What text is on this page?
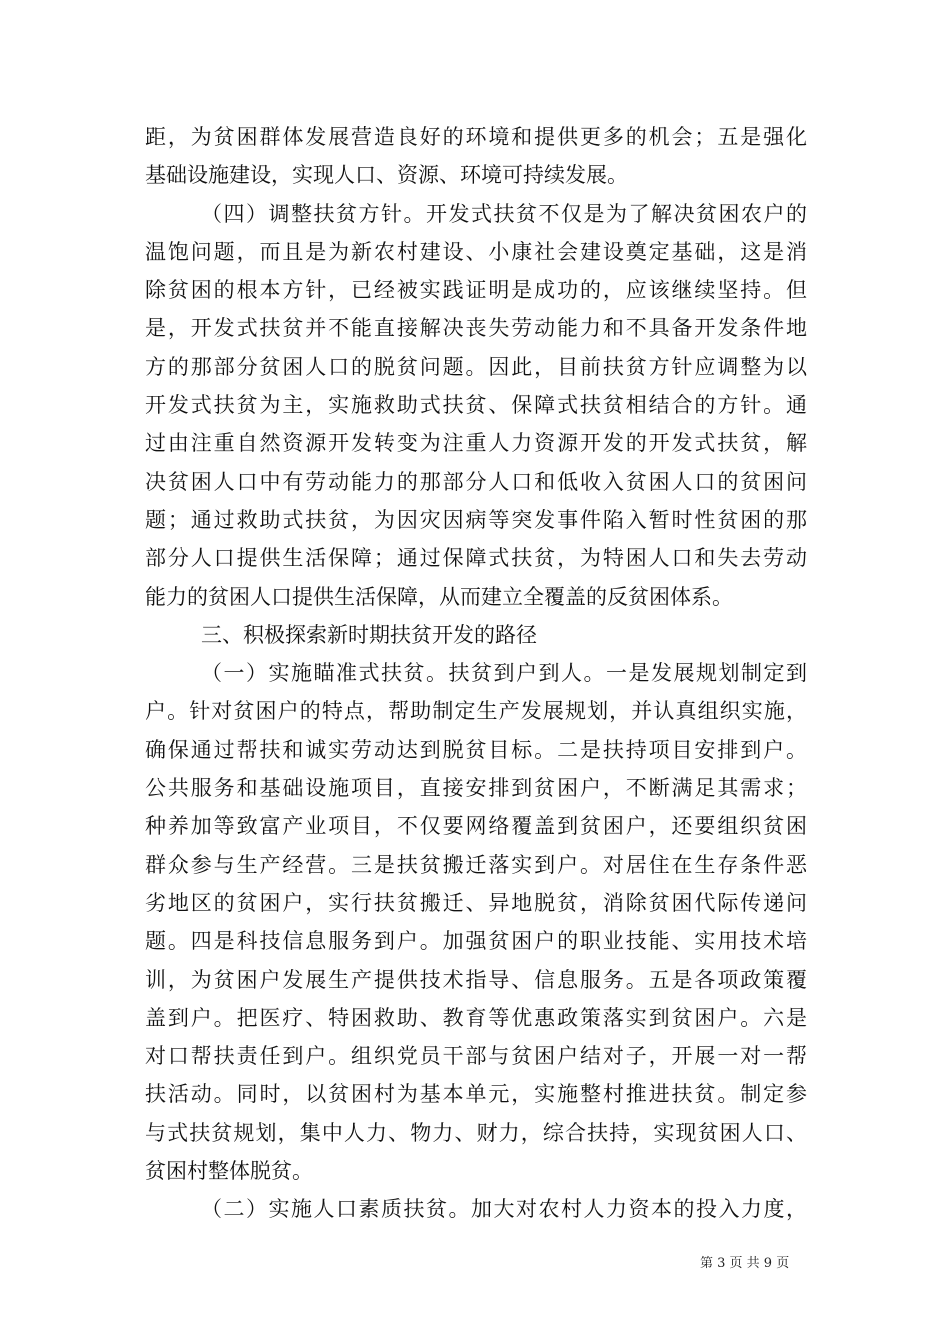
距，为贫困群体发展营造良好的环境和提供更多的机会；五是强化
基础设施建设，实现人口、资源、环境可持续发展。
（四）调整扶贫方针。开发式扶贫不仅是为了解决贫困农户的
温饱问题，而且是为新农村建设、小康社会建设奠定基础，这是消
除贫困的根本方针，已经被实践证明是成功的，应该继续坚持。但
是，开发式扶贫并不能直接解决丧失劳动能力和不具备开发条件地
方的那部分贫困人口的脱贫问题。因此，目前扶贫方针应调整为以
开发式扶贫为主，实施救助式扶贫、保障式扶贫相结合的方针。通
过由注重自然资源开发转变为注重人力资源开发的开发式扶贫，解
决贫困人口中有劳动能力的那部分人口和低收入贫困人口的贫困问
题；通过救助式扶贫，为因灾因病等突发事件陷入暂时性贫困的那
部分人口提供生活保障；通过保障式扶贫，为特困人口和失去劳动
能力的贫困人口提供生活保障，从而建立全覆盖的反贫困体系。
三、积极探索新时期扶贫开发的路径
（一）实施瞄准式扶贫。扶贫到户到人。一是发展规划制定到
户。针对贫困户的特点，帮助制定生产发展规划，并认真组织实施，
确保通过帮扶和诚实劳动达到脱贫目标。二是扶持项目安排到户。
公共服务和基础设施项目，直接安排到贫困户，不断满足其需求；
种养加等致富产业项目，不仅要网络覆盖到贫困户，还要组织贫困
群众参与生产经营。三是扶贫搬迁落实到户。对居住在生存条件恶
劣地区的贫困户，实行扶贫搬迁、异地脱贫，消除贫困代际传递问
题。四是科技信息服务到户。加强贫困户的职业技能、实用技术培
训，为贫困户发展生产提供技术指导、信息服务。五是各项政策覆
盖到户。把医疗、特困救助、教育等优惠政策落实到贫困户。六是
对口帮扶责任到户。组织党员干部与贫困户结对子，开展一对一帮
扶活动。同时，以贫困村为基本单元，实施整村推进扶贫。制定参
与式扶贫规划，集中人力、物力、财力，综合扶持，实现贫困人口、
贫困村整体脱贫。
（二）实施人口素质扶贫。加大对农村人力资本的投入力度，
第 3 页 共 9 页
